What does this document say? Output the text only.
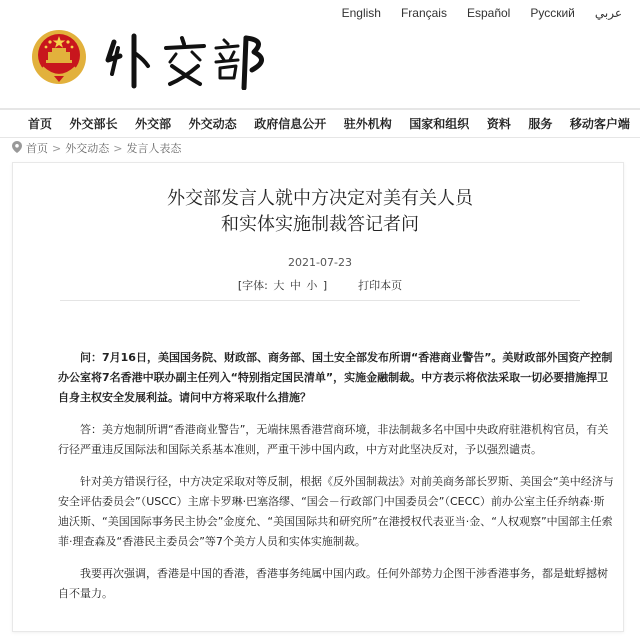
English Français Español Русский عربي
首页 外交部长 外交部 外交动态 政府信息公开 驻外机构 国家和组织 资料 服务 移动客户端
首页 > 外交动态 > 发言人表态
外交部发言人就中方决定对美有关人员
和实体实施制裁答记者问
2021-07-23
[字体: 大 中 小 ]	打印本页

问：7月16日，美国国务院、财政部、商务部、国土安全部发布所谓“香港商业警告”。美财政部外国资产控制办公室将7名香港中联办副主任列入“特别指定国民清单”，实施金融制裁。中方表示将依法采取一切必要措施捍卫自身主权安全发展利益。请问中方将采取什么措施？

答：美方炮制所谓“香港商业警告”，无端抹黑香港营商环境，非法制裁多名中国中央政府驻港机构官员，有关行径严重违反国际法和国际关系基本准则，严重干涉中国内政，中方对此坚决反对，予以强烈谴责。

针对美方错误行径，中方决定采取对等反制，根据《反外国制裁法》对前美商务部长罗斯、美国会“美中经济与安全评估委员会”（USCC）主席卡罗琳·巴塞洛缪、“国会－行政部门中国委员会”（CECC）前办公室主任乔纳森·斯迪沃斯、“美国国际事务民主协会”金度允、“美国国际共和研究所”在港授权代表亚当·金、“人权观察”中国部主任索菲·理查森及“香港民主委员会”等7个美方人员和实体实施制裁。

我要再次强调，香港是中国的香港，香港事务纯属中国内政。任何外部势力企图干涉香港事务，都是蚍蜉撼树自不量力。
